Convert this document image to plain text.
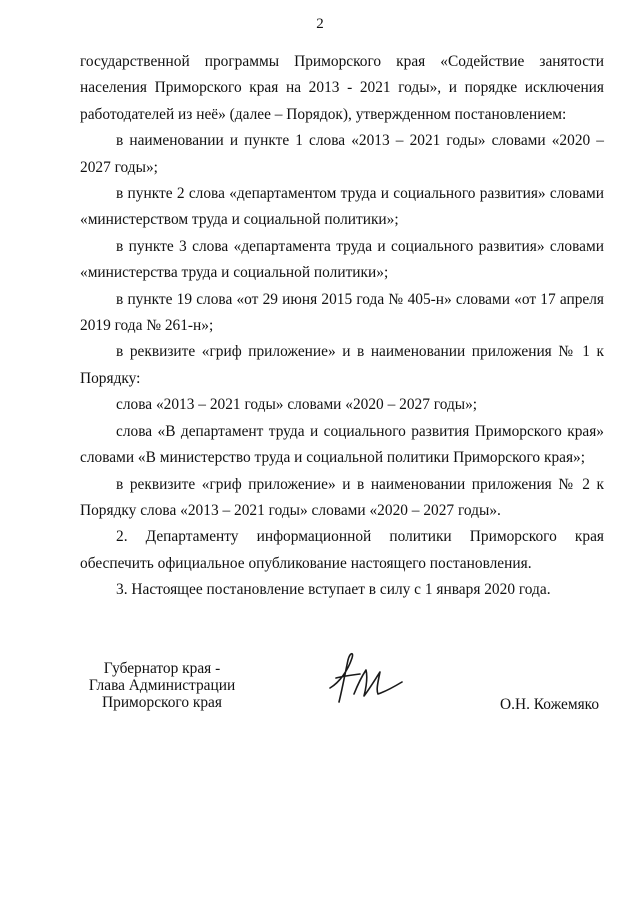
2

государственной программы Приморского края «Содействие занятости населения Приморского края на 2013 - 2021 годы», и порядке исключения работодателей из неё» (далее – Порядок), утвержденном постановлением:

в наименовании и пункте 1 слова «2013 – 2021 годы» словами «2020 – 2027 годы»;

в пункте 2 слова «департаментом труда и социального развития» словами «министерством труда и социальной политики»;

в пункте 3 слова «департамента труда и социального развития» словами «министерства труда и социальной политики»;

в пункте 19 слова «от 29 июня 2015 года № 405-н» словами «от 17 апреля 2019 года № 261-н»;

в реквизите «гриф приложение» и в наименовании приложения № 1 к Порядку:

слова «2013 – 2021 годы» словами «2020 – 2027 годы»;

слова «В департамент труда и социального развития Приморского края» словами «В министерство труда и социальной политики Приморского края»;

в реквизите «гриф приложение» и в наименовании приложения № 2 к Порядку слова «2013 – 2021 годы» словами «2020 – 2027 годы».

2. Департаменту информационной политики Приморского края обеспечить официальное опубликование настоящего постановления.

3. Настоящее постановление вступает в силу с 1 января 2020 года.

Губернатор края -
Глава Администрации
Приморского края	О.Н. Кожемяко
